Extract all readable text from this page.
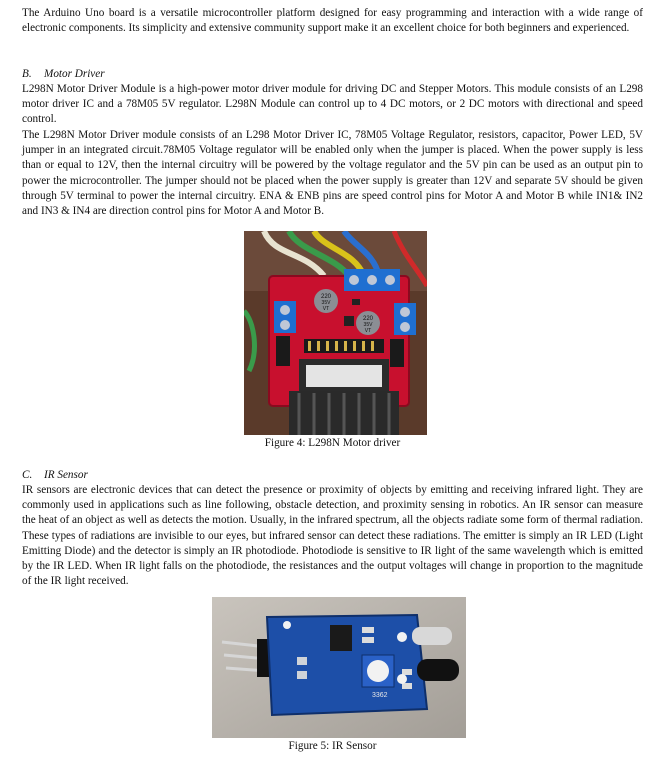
The Arduino Uno board is a versatile microcontroller platform designed for easy programming and interaction with a wide range of electronic components. Its simplicity and extensive community support make it an excellent choice for both beginners and experienced.

B. Motor Driver

L298N Motor Driver Module is a high-power motor driver module for driving DC and Stepper Motors. This module consists of an L298 motor driver IC and a 78M05 5V regulator. L298N Module can control up to 4 DC motors, or 2 DC motors with directional and speed control.

The L298N Motor Driver module consists of an L298 Motor Driver IC, 78M05 Voltage Regulator, resistors, capacitor, Power LED, 5V jumper in an integrated circuit.78M05 Voltage regulator will be enabled only when the jumper is placed. When the power supply is less than or equal to 12V, then the internal circuitry will be powered by the voltage regulator and the 5V pin can be used as an output pin to power the microcontroller. The jumper should not be placed when the power supply is greater than 12V and separate 5V should be given through 5V terminal to power the internal circuitry. ENA & ENB pins are speed control pins for Motor A and Motor B while IN1& IN2 and IN3 & IN4 are direction control pins for Motor A and Motor B.

220
35V
VT
220
35V
VT

Figure 4: L298N Motor driver

C. IR Sensor

IR sensors are electronic devices that can detect the presence or proximity of objects by emitting and receiving infrared light. They are commonly used in applications such as line following, obstacle detection, and proximity sensing in robotics. An IR sensor can measure the heat of an object as well as detects the motion. Usually, in the infrared spectrum, all the objects radiate some form of thermal radiation. These types of radiations are invisible to our eyes, but infrared sensor can detect these radiations. The emitter is simply an IR LED (Light Emitting Diode) and the detector is simply an IR photodiode. Photodiode is sensitive to IR light of the same wavelength which is emitted by the IR LED. When IR light falls on the photodiode, the resistances and the output voltages will change in proportion to the magnitude of the IR light received.

3362

Figure 5: IR Sensor
